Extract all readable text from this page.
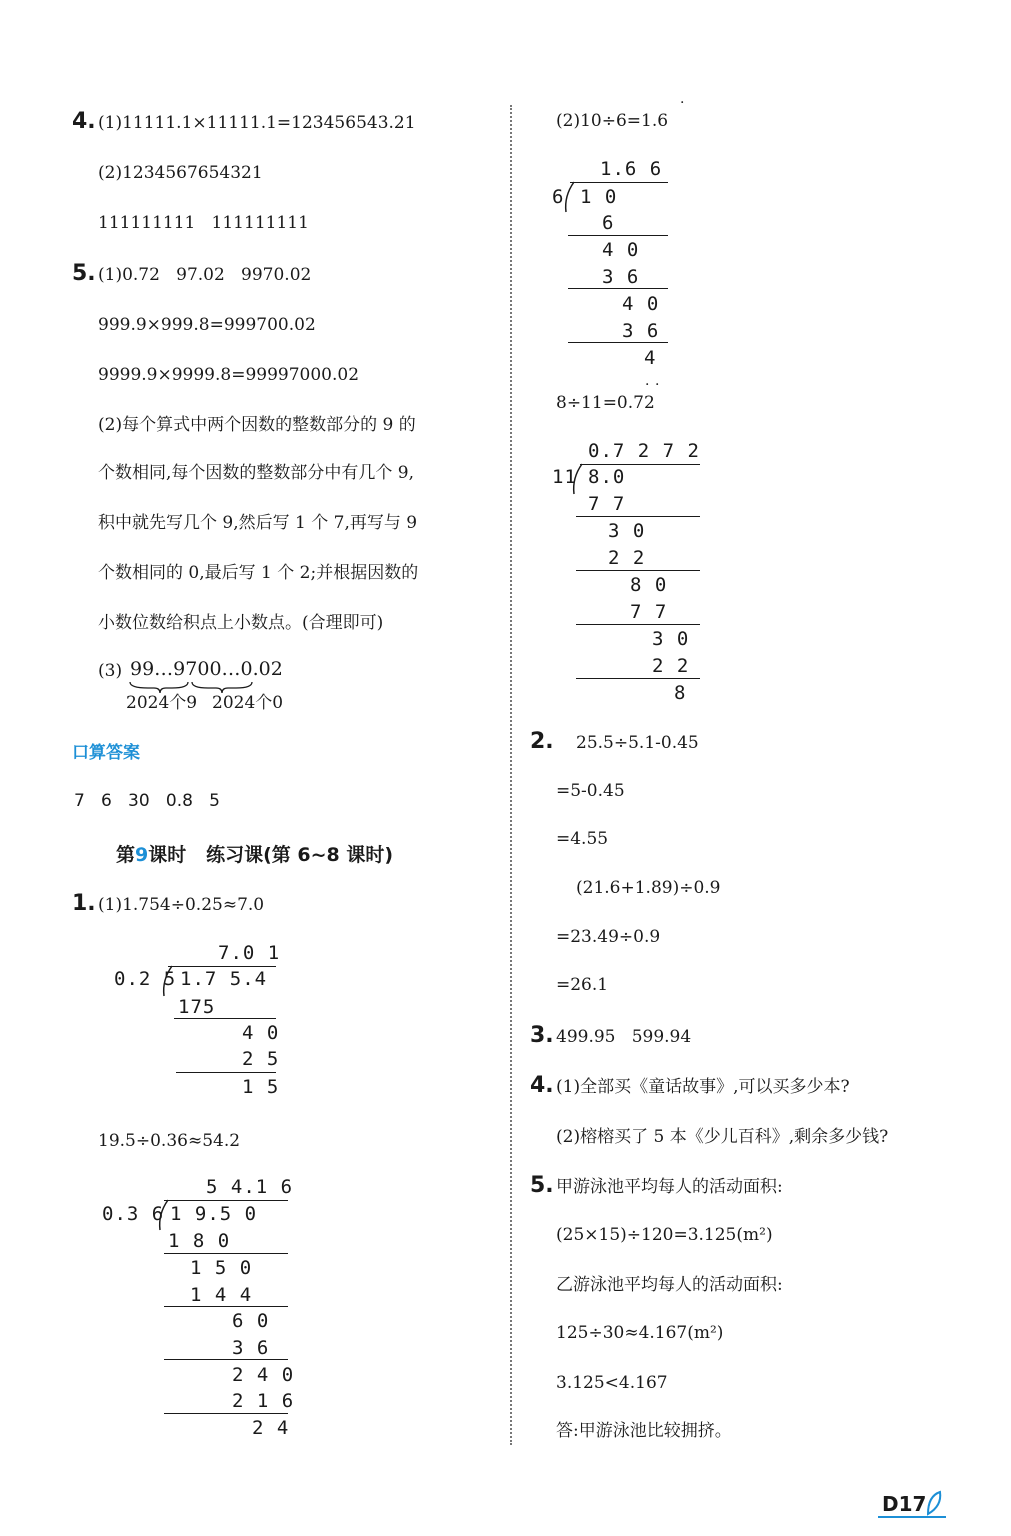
4. (1)11111.1×11111.1=123456543.21
(2)1234567654321
111111111   111111111
5. (1)0.72   97.02   9970.02
999.9×999.8=999700.02
9999.9×9999.8=99997000.02
(2)每个算式中两个因数的整数部分的 9 的
个数相同,每个因数的整数部分中有几个 9,
积中就先写几个 9,然后写 1 个 7,再写与 9
个数相同的 0,最后写 1 个 2;并根据因数的
小数位数给积点上小数点。(合理即可)
(3) 99…9700…0.02
2024个9 2024个0
口算答案
7   6   30   0.8   5
第9课时   练习课(第 6~8 课时)
1. (1)1.754÷0.25≈7.0
7.0 1
0.2 5 1.7 5.4
175
4 0
2 5
1 5
19.5÷0.36≈54.2
5 4.1 6
0.3 6 1 9.5 0
1 8 0
1 5 0
1 4 4
6 0
3 6
2 4 0
2 1 6
2 4
(2)10÷6=1.6
·
1.6 6
6 1 0
6
4 0
3 6
4 0
3 6
4
8÷11=0.72
· ·
0.7 2 7 2
11 8.0
7 7
3 0
2 2
8 0
7 7
3 0
2 2
8
2. 25.5÷5.1-0.45
=5-0.45
=4.55
(21.6+1.89)÷0.9
=23.49÷0.9
=26.1
3. 499.95   599.94
4. (1)全部买《童话故事》,可以买多少本?
(2)榕榕买了 5 本《少儿百科》,剩余多少钱?
5. 甲游泳池平均每人的活动面积:
(25×15)÷120=3.125(m²)
乙游泳池平均每人的活动面积:
125÷30≈4.167(m²)
3.125<4.167
答:甲游泳池比较拥挤。
D17
